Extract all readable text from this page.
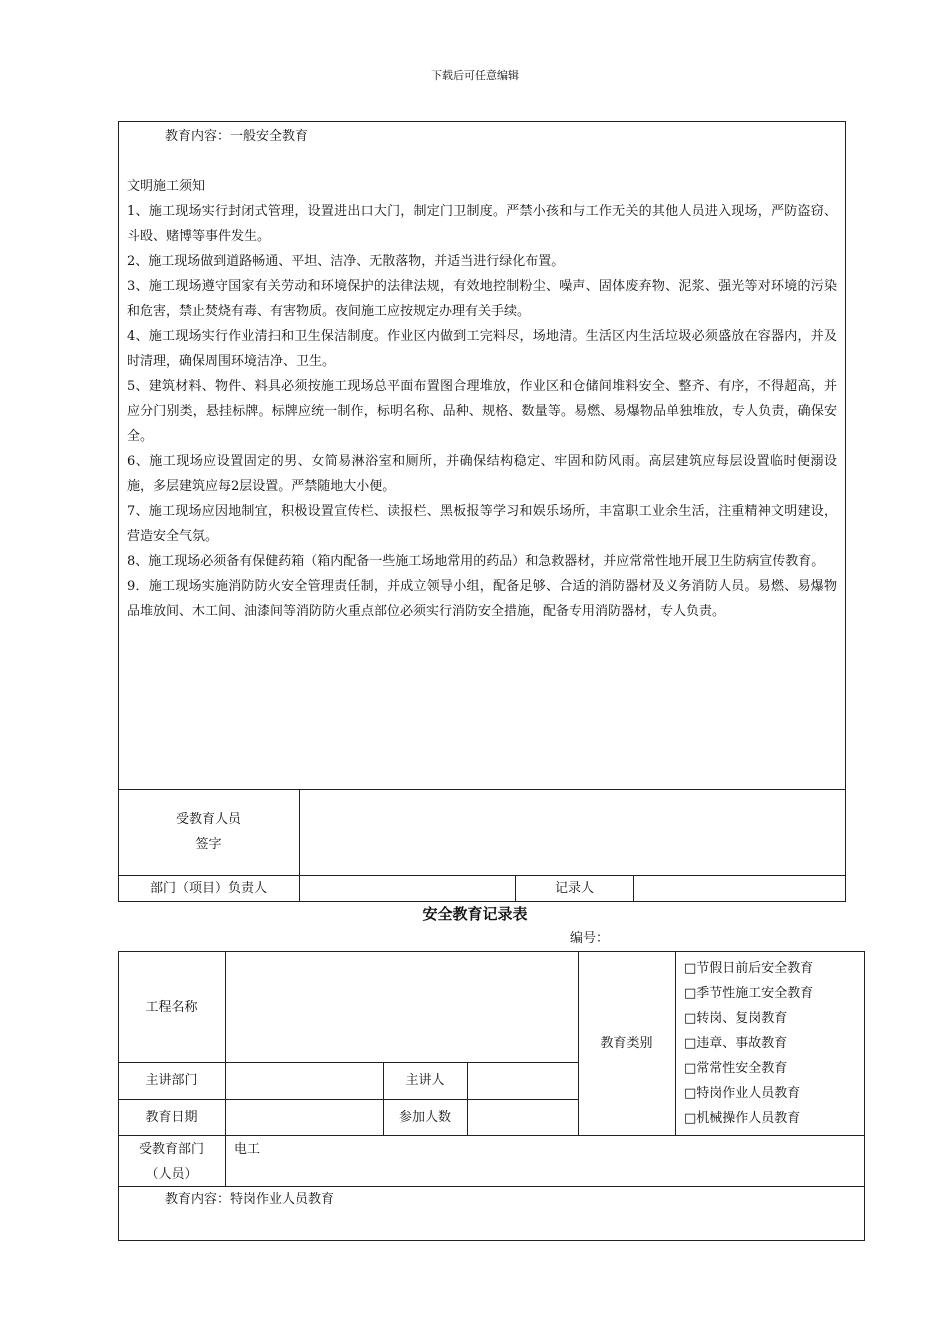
下载后可任意编辑

教育内容：一般安全教育

文明施工须知

1、施工现场实行封闭式管理，设置进出口大门，制定门卫制度。严禁小孩和与工作无关的其他人员进入现场，严防盗窃、斗殴、赌博等事件发生。

2、施工现场做到道路畅通、平坦、洁净、无散落物，并适当进行绿化布置。

3、施工现场遵守国家有关劳动和环境保护的法律法规，有效地控制粉尘、噪声、固体废弃物、泥浆、强光等对环境的污染和危害，禁止焚烧有毒、有害物质。夜间施工应按规定办理有关手续。

4、施工现场实行作业清扫和卫生保洁制度。作业区内做到工完料尽，场地清。生活区内生活垃圾必须盛放在容器内，并及时清理，确保周围环境洁净、卫生。

5、建筑材料、物件、料具必须按施工现场总平面布置图合理堆放，作业区和仓储间堆料安全、整齐、有序，不得超高，并应分门别类，悬挂标牌。标牌应统一制作，标明名称、品种、规格、数量等。易燃、易爆物品单独堆放，专人负责，确保安全。

6、施工现场应设置固定的男、女简易淋浴室和厕所，并确保结构稳定、牢固和防风雨。高层建筑应每层设置临时便溺设施，多层建筑应每2层设置。严禁随地大小便。

7、施工现场应因地制宜，积极设置宣传栏、读报栏、黑板报等学习和娱乐场所，丰富职工业余生活，注重精神文明建设，营造安全气氛。

8、施工现场必须备有保健药箱（箱内配备一些施工场地常用的药品）和急救器材，并应常常性地开展卫生防病宣传教育。

9．施工现场实施消防防火安全管理责任制，并成立领导小组，配备足够、合适的消防器材及义务消防人员。易燃、易爆物品堆放间、木工间、油漆间等消防防火重点部位必须实行消防安全措施，配备专用消防器材，专人负责。

受教育人员
签字
部门（项目）负责人	记录人
安全教育记录表
编号：
工程名称
主讲部门	主讲人
教育日期	参加人数
教育类别
□节假日前后安全教育
□季节性施工安全教育
□转岗、复岗教育
□违章、事故教育
□常常性安全教育
□特岗作业人员教育
□机械操作人员教育
受教育部门
（人员）
电工
教育内容：特岗作业人员教育
